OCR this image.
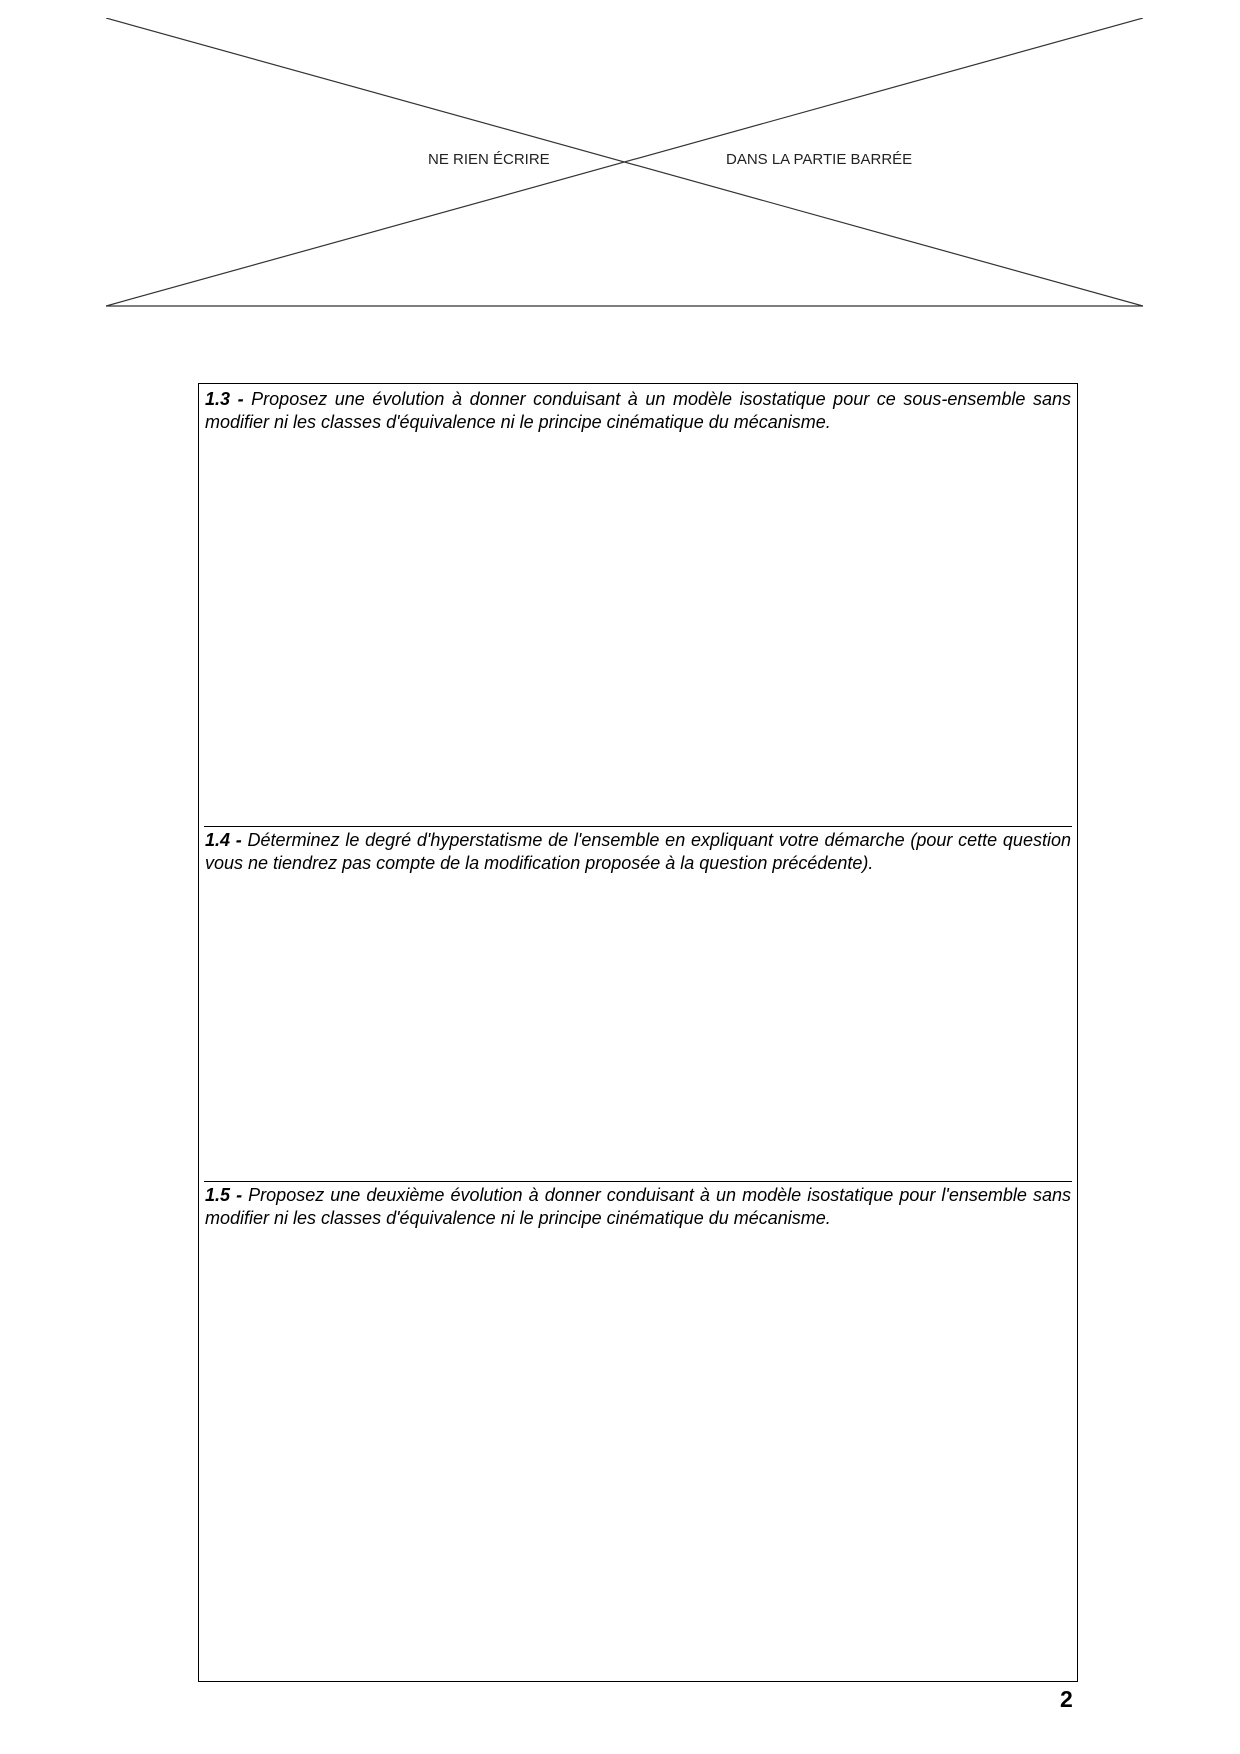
NE RIEN ÉCRIRE	DANS LA PARTIE BARRÉE
1.3 - Proposez une évolution à donner conduisant à un modèle isostatique pour ce sous-ensemble sans modifier ni les classes d'équivalence ni le principe cinématique du mécanisme.
1.4 - Déterminez le degré d'hyperstatisme de l'ensemble en expliquant votre démarche (pour cette question vous ne tiendrez pas compte de la modification proposée à la question précédente).
1.5 - Proposez une deuxième évolution à donner conduisant à un modèle isostatique pour l'ensemble sans modifier ni les classes d'équivalence ni le principe cinématique du mécanisme.
2
